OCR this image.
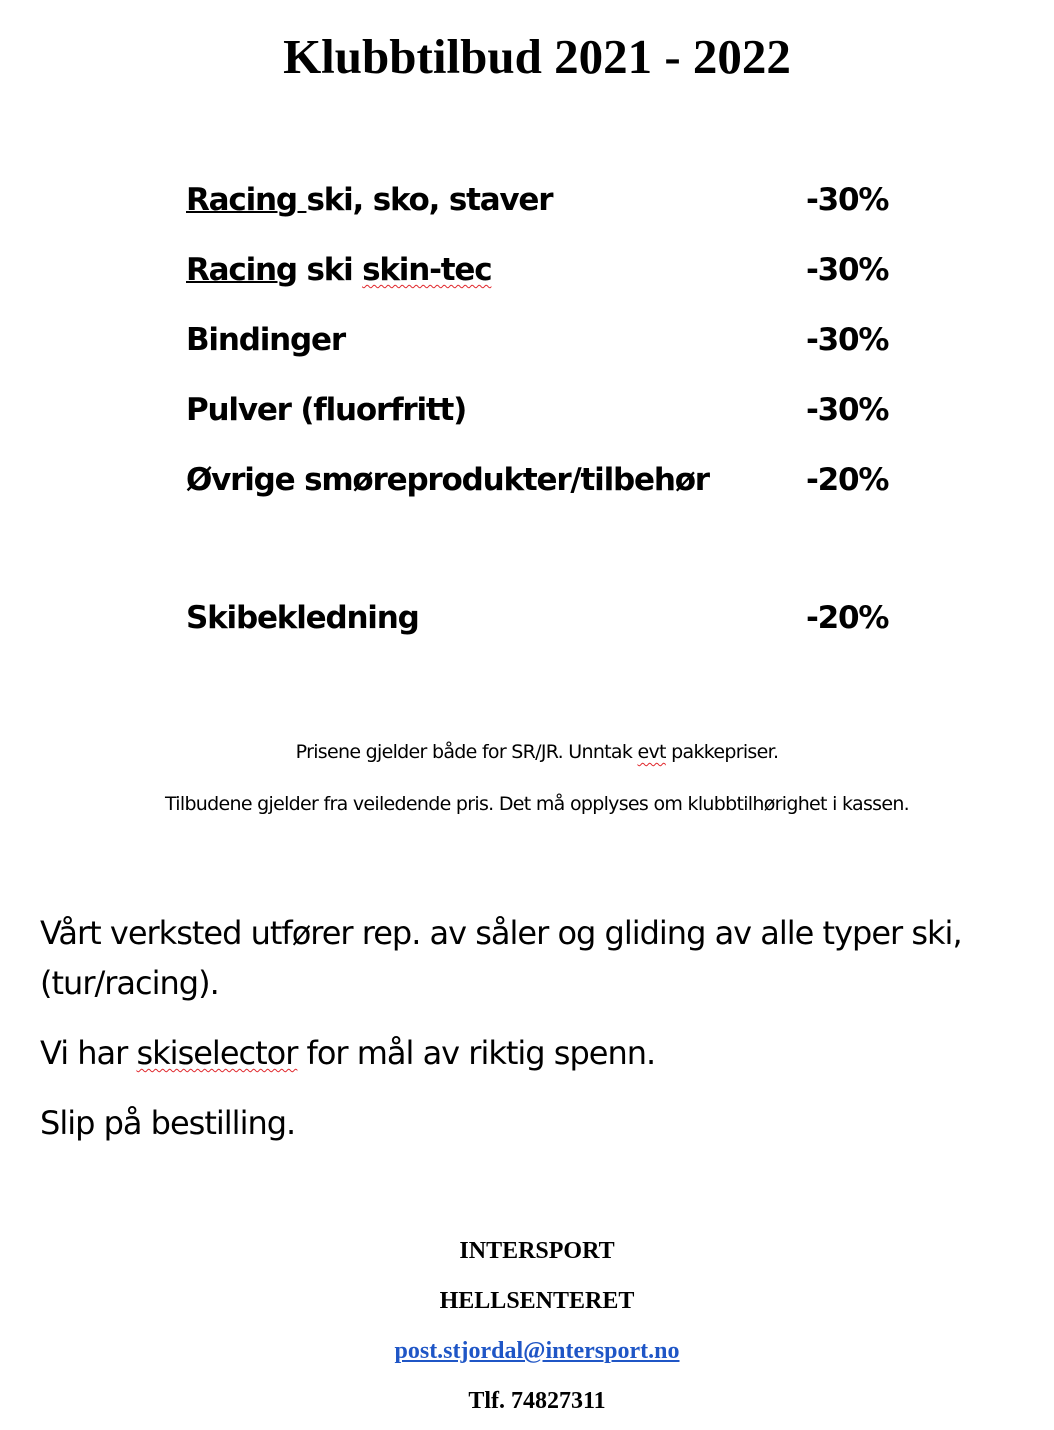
Klubbtilbud 2021 - 2022
Racing ski, sko, staver	-30%
Racing ski skin-tec	-30%
Bindinger	-30%
Pulver (fluorfritt)	-30%
Øvrige smøreprodukter/tilbehør	-20%
Skibekledning	-20%
Prisene gjelder både for SR/JR. Unntak evt pakkepriser.
Tilbudene gjelder fra veiledende pris. Det må opplyses om klubbtilhørighet i kassen.
Vårt verksted utfører rep. av såler og gliding av alle typer ski,
(tur/racing).
Vi har skiselector for mål av riktig spenn.
Slip på bestilling.
INTERSPORT
HELLSENTERET
post.stjordal@intersport.no
Tlf. 74827311
